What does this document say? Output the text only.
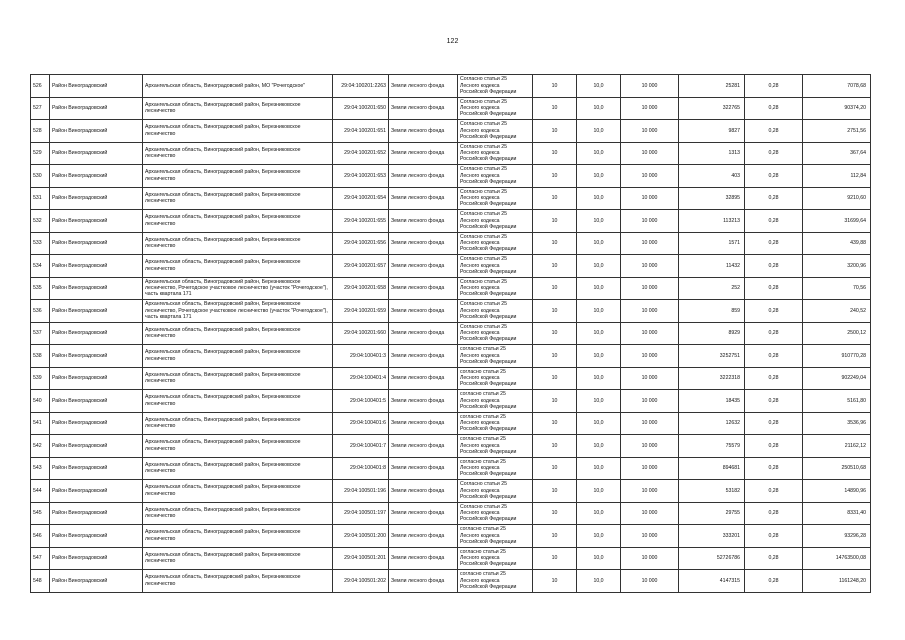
122
526	Район Виноградовский	Архангельская область, Виноградовский район, МО "Рочегодское"	29:04:100201:2263	Земли лесного фонда	Согласно статьи 25
Лесного кодекса
Российской Федерации	10	10,0	10 000	25281	0,28	7078,68
527	Район Виноградовский	Архангельская область, Виноградовский район, Березниковское лесничество	29:04:100201:650	Земли лесного фонда	Согласно статьи 25
Лесного кодекса
Российской Федерации	10	10,0	10 000	322765	0,28	90374,20
528	Район Виноградовский	Архангельская область, Виноградовский район, Березниковское лесничество	29:04:100201:651	Земли лесного фонда	Согласно статьи 25
Лесного кодекса
Российской Федерации	10	10,0	10 000	9827	0,28	2751,56
529	Район Виноградовский	Архангельская область, Виноградовский район, Березниковское лесничество	29:04:100201:652	Земли лесного фонда	Согласно статьи 25
Лесного кодекса
Российской Федерации	10	10,0	10 000	1313	0,28	367,64
530	Район Виноградовский	Архангельская область, Виноградовский район, Березниковское лесничество	29:04:100201:653	Земли лесного фонда	Согласно статьи 25
Лесного кодекса
Российской Федерации	10	10,0	10 000	403	0,28	112,84
531	Район Виноградовский	Архангельская область, Виноградовский район, Березниковское лесничество	29:04:100201:654	Земли лесного фонда	Согласно статьи 25
Лесного кодекса
Российской Федерации	10	10,0	10 000	32895	0,28	9210,60
532	Район Виноградовский	Архангельская область, Виноградовский район, Березниковское лесничество	29:04:100201:655	Земли лесного фонда	Согласно статьи 25
Лесного кодекса
Российской Федерации	10	10,0	10 000	113213	0,28	31699,64
533	Район Виноградовский	Архангельская область, Виноградовский район, Березниковское лесничество	29:04:100201:656	Земли лесного фонда	Согласно статьи 25
Лесного кодекса
Российской Федерации	10	10,0	10 000	1571	0,28	439,88
534	Район Виноградовский	Архангельская область, Виноградовский район, Березниковское лесничество	29:04:100201:657	Земли лесного фонда	Согласно статьи 25
Лесного кодекса
Российской Федерации	10	10,0	10 000	11432	0,28	3200,96
535	Район Виноградовский	Архангельская область, Виноградовский район, Березниковское лесничество, Рочегодское участковое лесничество (участок "Рочегодское"), часть квартала 171	29:04:100201:658	Земли лесного фонда	Согласно статьи 25
Лесного кодекса
Российской Федерации	10	10,0	10 000	252	0,28	70,56
536	Район Виноградовский	Архангельская область, Виноградовский район, Березниковское лесничество, Рочегодское участковое лесничество (участок "Рочегодское"), часть квартала 171	29:04:100201:659	Земли лесного фонда	Согласно статьи 25
Лесного кодекса
Российской Федерации	10	10,0	10 000	859	0,28	240,52
537	Район Виноградовский	Архангельская область, Виноградовский район, Березниковское лесничество	29:04:100201:660	Земли лесного фонда	Согласно статьи 25
Лесного кодекса
Российской Федерации	10	10,0	10 000	8929	0,28	2500,12
538	Район Виноградовский	Архангельская область, Виноградовский район, Березниковское лесничество	29:04:100401:3	Земли лесного фонда	согласно статьи 25
Лесного кодекса
Российской Федерации	10	10,0	10 000	3252751	0,28	910770,28
539	Район Виноградовский	Архангельская область, Виноградовский район, Березниковское лесничество	29:04:100401:4	Земли лесного фонда	согласно статьи 25
Лесного кодекса
Российской Федерации	10	10,0	10 000	3222318	0,28	902249,04
540	Район Виноградовский	Архангельская область, Виноградовский район, Березниковское лесничество	29:04:100401:5	Земли лесного фонда	согласно статьи 25
Лесного кодекса
Российской Федерации	10	10,0	10 000	18435	0,28	5161,80
541	Район Виноградовский	Архангельская область, Виноградовский район, Березниковское лесничество	29:04:100401:6	Земли лесного фонда	согласно статьи 25
Лесного кодекса
Российской Федерации	10	10,0	10 000	12632	0,28	3536,96
542	Район Виноградовский	Архангельская область, Виноградовский район, Березниковское лесничество	29:04:100401:7	Земли лесного фонда	согласно статьи 25
Лесного кодекса
Российской Федерации	10	10,0	10 000	75579	0,28	21162,12
543	Район Виноградовский	Архангельская область, Виноградовский район, Березниковское лесничество	29:04:100401:8	Земли лесного фонда	согласно статьи 25
Лесного кодекса
Российской Федерации	10	10,0	10 000	894681	0,28	250510,68
544	Район Виноградовский	Архангельская область, Виноградовский район, Березниковское лесничество	29:04:100501:196	Земли лесного фонда	Согласно статьи 25
Лесного кодекса
Российской Федерации	10	10,0	10 000	53182	0,28	14890,96
545	Район Виноградовский	Архангельская область, Виноградовский район, Березниковское лесничество	29:04:100501:197	Земли лесного фонда	Согласно статьи 25
Лесного кодекса
Российской Федерации	10	10,0	10 000	29755	0,28	8331,40
546	Район Виноградовский	Архангельская область, Виноградовский район, Березниковское лесничество	29:04:100501:200	Земли лесного фонда	согласно статьи 25
Лесного кодекса
Российской Федерации	10	10,0	10 000	333201	0,28	93296,28
547	Район Виноградовский	Архангельская область, Виноградовский район, Березниковское лесничество	29:04:100501:201	Земли лесного фонда	согласно статьи 25
Лесного кодекса
Российской Федерации	10	10,0	10 000	52726786	0,28	14763500,08
548	Район Виноградовский	Архангельская область, Виноградовский район, Березниковское лесничество	29:04:100501:202	Земли лесного фонда	согласно статьи 25
Лесного кодекса
Российской Федерации	10	10,0	10 000	4147315	0,28	1161248,20
